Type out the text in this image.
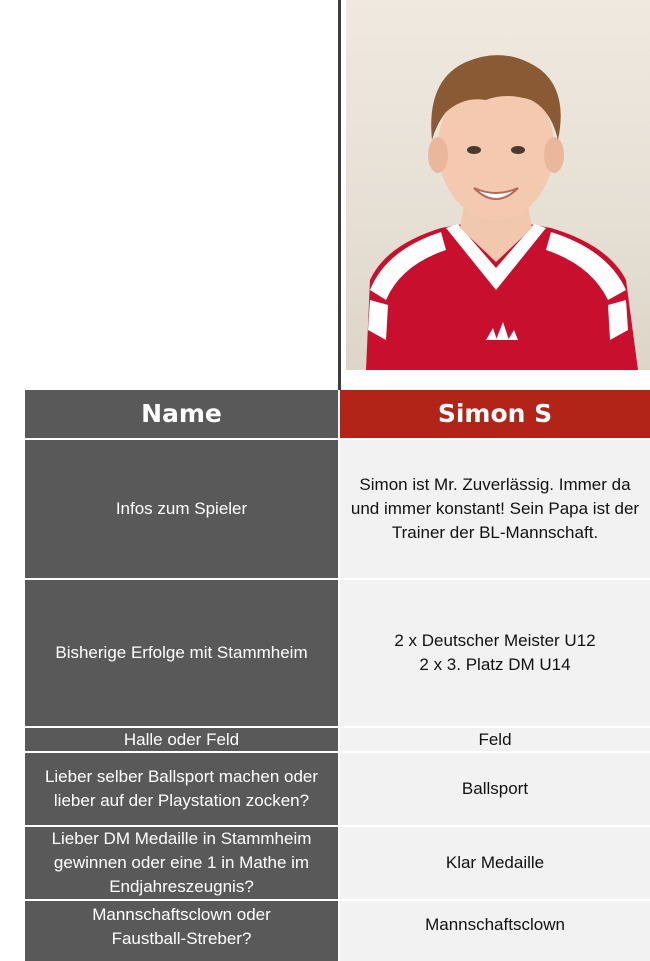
Name	Simon S
Infos zum Spieler
Simon ist Mr. Zuverlässig. Immer da
und immer konstant! Sein Papa ist der
Trainer der BL-Mannschaft.
Bisherige Erfolge mit Stammheim
2 x Deutscher Meister U12
2 x 3. Platz DM U14
Halle oder Feld	Feld
Lieber selber Ballsport machen oder
lieber auf der Playstation zocken?
Ballsport
Lieber DM Medaille in Stammheim
gewinnen oder eine 1 in Mathe im
Endjahreszeugnis?
Klar Medaille
Mannschaftsclown oder
Faustball-Streber?
Mannschaftsclown
